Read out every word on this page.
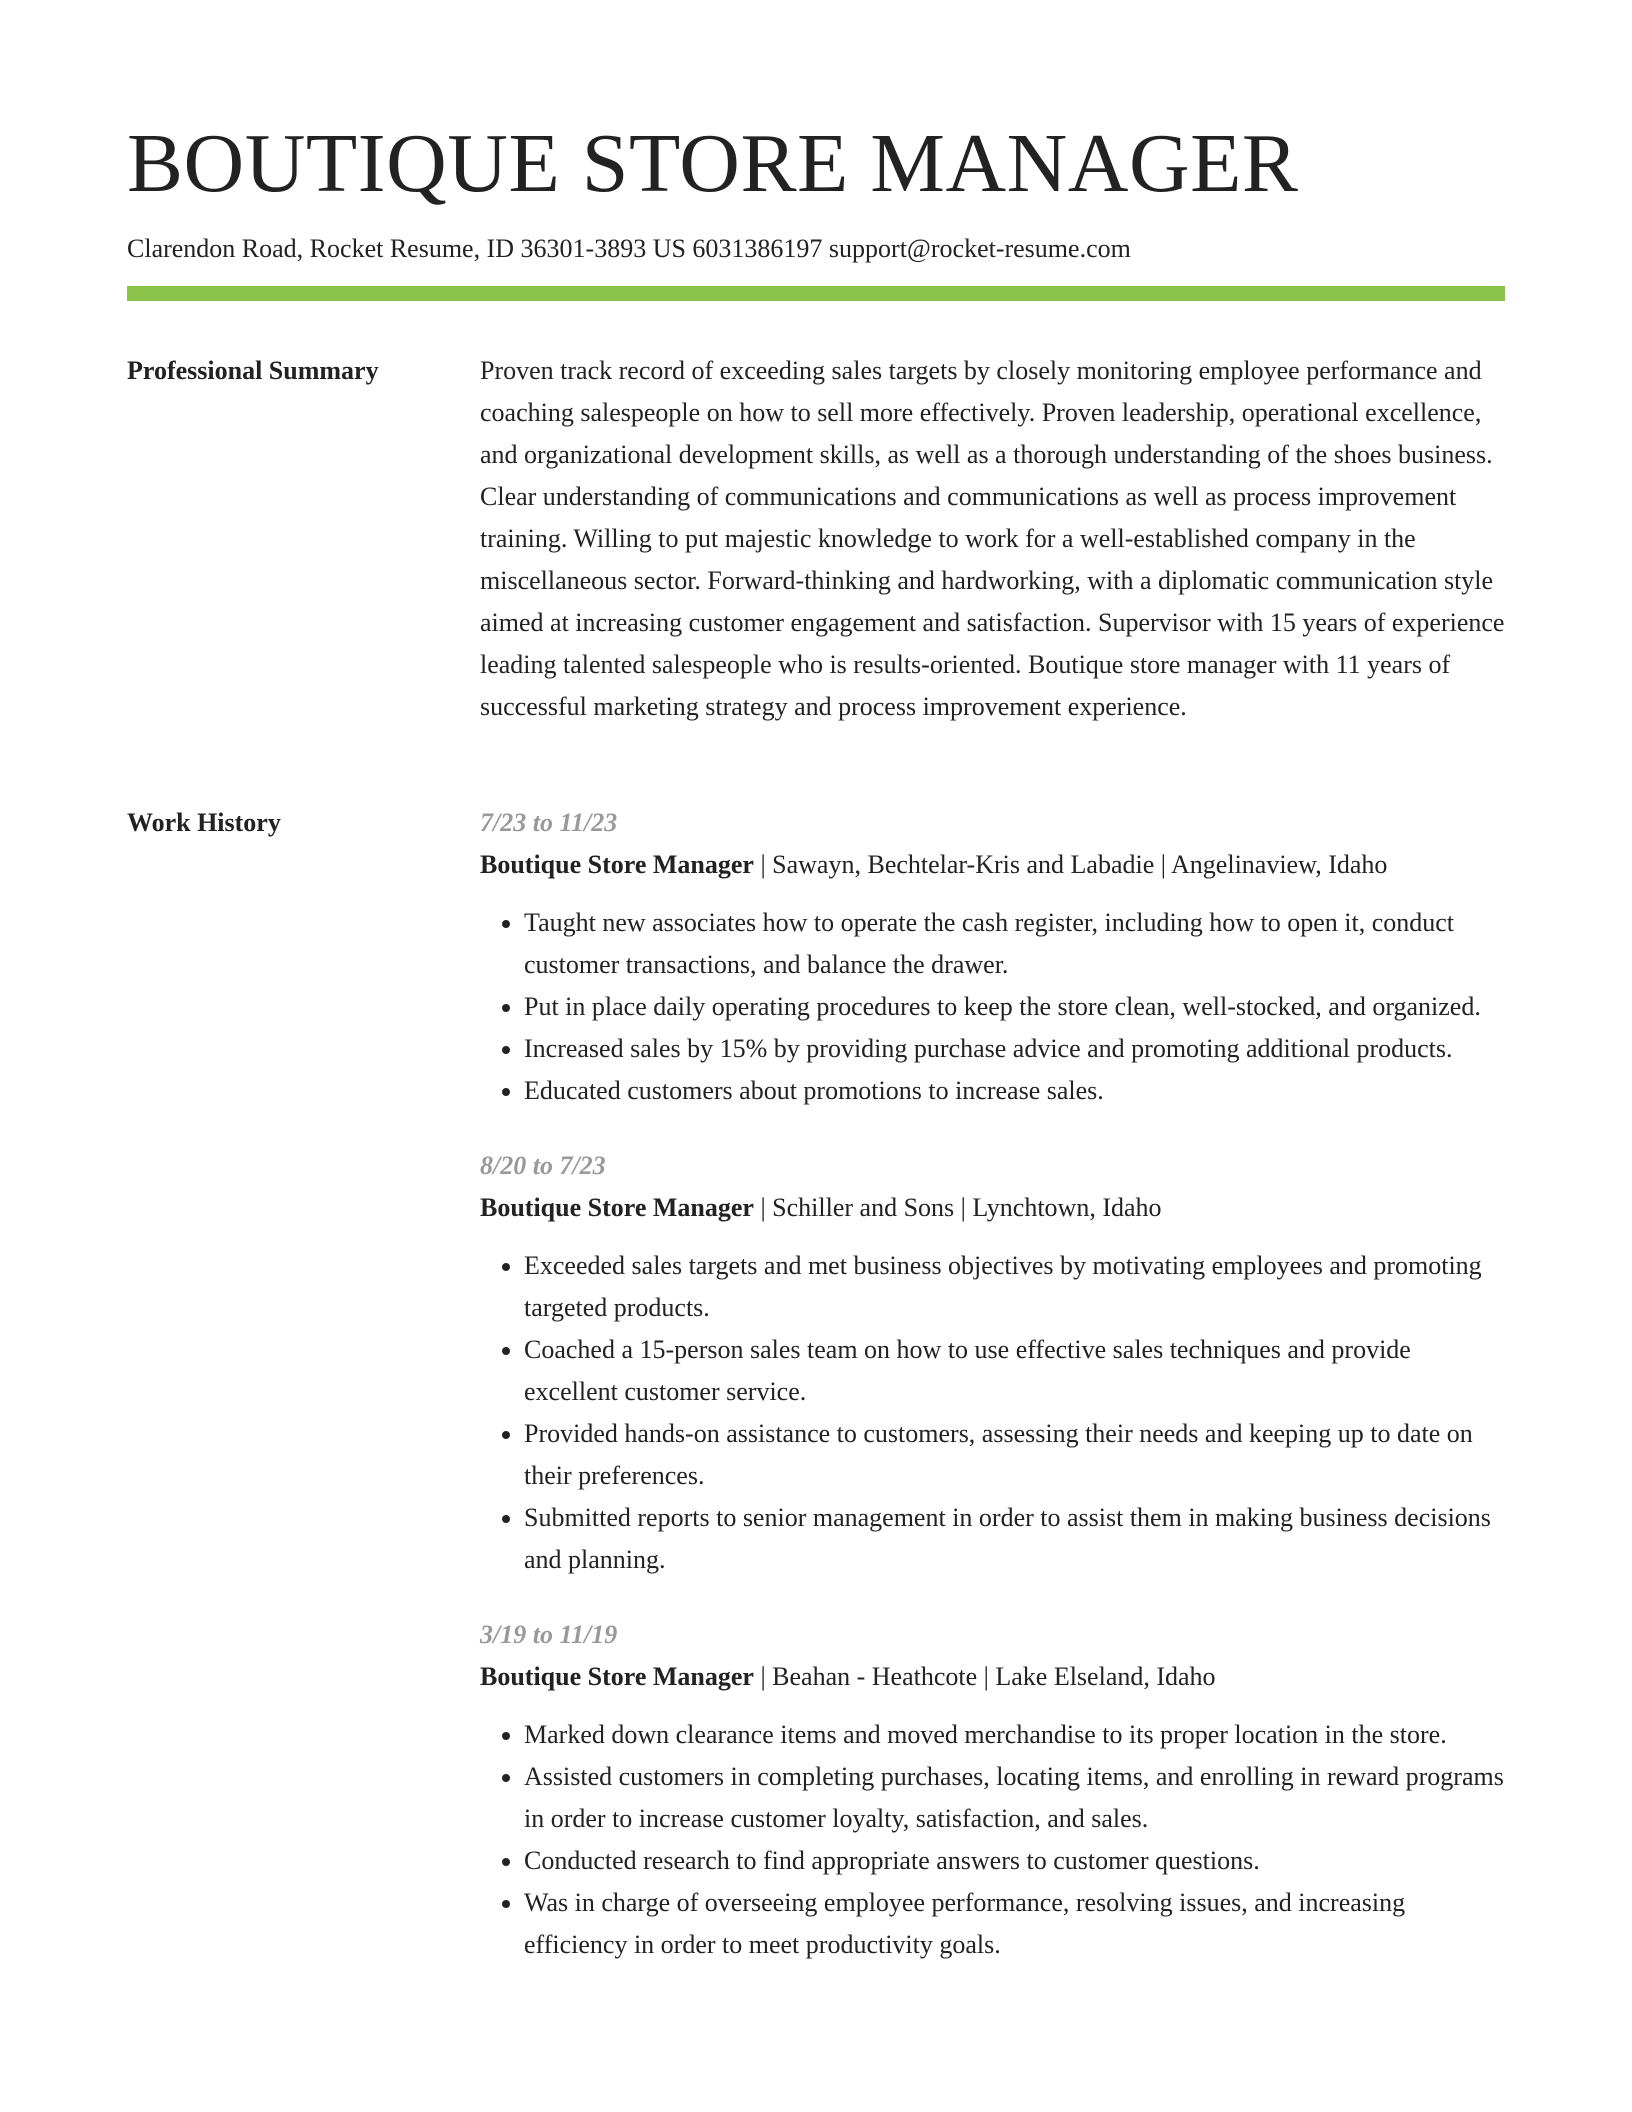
BOUTIQUE STORE MANAGER
Clarendon Road, Rocket Resume, ID 36301-3893 US 6031386197 support@rocket-resume.com
Professional Summary	Proven track record of exceeding sales targets by closely monitoring employee performance and coaching salespeople on how to sell more effectively. Proven leadership, operational excellence, and organizational development skills, as well as a thorough understanding of the shoes business. Clear understanding of communications and communications as well as process improvement training. Willing to put majestic knowledge to work for a well-established company in the miscellaneous sector. Forward-thinking and hardworking, with a diplomatic communication style aimed at increasing customer engagement and satisfaction. Supervisor with 15 years of experience leading talented salespeople who is results-oriented. Boutique store manager with 11 years of successful marketing strategy and process improvement experience.

Work History	7/23 to 11/23
Boutique Store Manager | Sawayn, Bechtelar-Kris and Labadie | Angelinaview, Idaho
• Taught new associates how to operate the cash register, including how to open it, conduct customer transactions, and balance the drawer.
• Put in place daily operating procedures to keep the store clean, well-stocked, and organized.
• Increased sales by 15% by providing purchase advice and promoting additional products.
• Educated customers about promotions to increase sales.
8/20 to 7/23
Boutique Store Manager | Schiller and Sons | Lynchtown, Idaho
• Exceeded sales targets and met business objectives by motivating employees and promoting targeted products.
• Coached a 15-person sales team on how to use effective sales techniques and provide excellent customer service.
• Provided hands-on assistance to customers, assessing their needs and keeping up to date on their preferences.
• Submitted reports to senior management in order to assist them in making business decisions and planning.
3/19 to 11/19
Boutique Store Manager | Beahan - Heathcote | Lake Elseland, Idaho
• Marked down clearance items and moved merchandise to its proper location in the store.
• Assisted customers in completing purchases, locating items, and enrolling in reward programs in order to increase customer loyalty, satisfaction, and sales.
• Conducted research to find appropriate answers to customer questions.
• Was in charge of overseeing employee performance, resolving issues, and increasing efficiency in order to meet productivity goals.
